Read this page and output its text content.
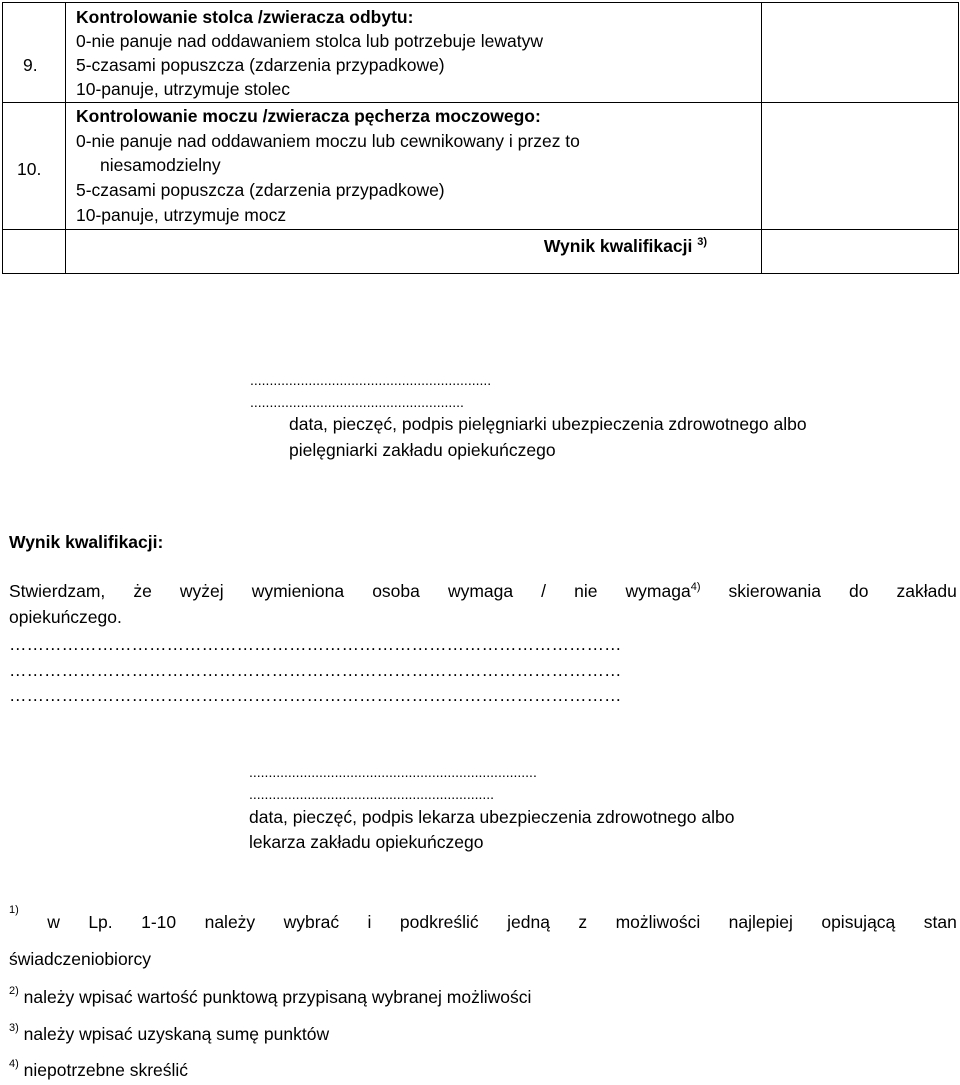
9.	Kontrolowanie stolca /zwieracza odbytu:
0-nie panuje nad oddawaniem stolca lub potrzebuje lewatyw
5-czasami popuszcza (zdarzenia przypadkowe)
10-panuje, utrzymuje stolec	

10.	Kontrolowanie moczu /zwieracza pęcherza moczowego:
0-nie panuje nad oddawaniem moczu lub cewnikowany i przez to
niesamodzielny
5-czasami popuszcza (zdarzenia przypadkowe)
10-panuje, utrzymuje mocz	

	Wynik kwalifikacji $^{3)}$

..............................................................
.......................................................
data, pieczęć, podpis pielęgniarki ubezpieczenia zdrowotnego albo
pielęgniarki zakładu opiekuńczego
Wynik kwalifikacji:
Stwierdzam, że wyżej wymieniona osoba wymaga / nie wymaga$^{4)}$ skierowania do zakładu
opiekuńczego.
……………………………………………………………………………………………
……………………………………………………………………………………………
……………………………………………………………………………………………
..........................................................................
...............................................................
data, pieczęć, podpis lekarza ubezpieczenia zdrowotnego albo
lekarza zakładu opiekuńczego
1)
w Lp. 1-10 należy wybrać i podkreślić jedną z możliwości najlepiej opisującą stan
świadczeniobiorcy
$^{2)}$ należy wpisać wartość punktową przypisaną wybranej możliwości
$^{3)}$ należy wpisać uzyskaną sumę punktów
$^{4)}$ niepotrzebne skreślić
